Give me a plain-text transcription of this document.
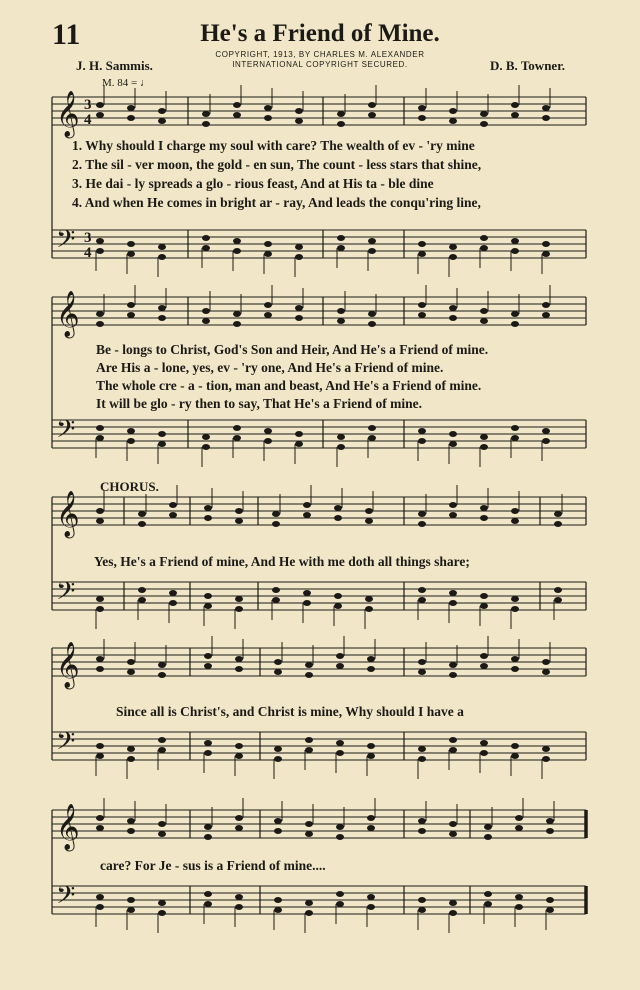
11	He's a Friend of Mine.
COPYRIGHT, 1913, BY CHARLES M. ALEXANDER
INTERNATIONAL COPYRIGHT SECURED.
J. H. Sammis.	D. B. Towner.
M. 84 = ♩
𝄞
𝄢
𝄞
𝄢
𝄞
𝄢
𝄞
𝄢
𝄞
𝄢
3
4
3
4
1. Why should I charge my soul with care? The wealth of ev - 'ry mine
2. The sil - ver moon, the gold - en sun, The count - less stars that shine,
3. He dai - ly spreads a glo - rious feast, And at His ta - ble dine
4. And when He comes in bright ar - ray, And leads the conqu'ring line,
Be - longs to Christ, God's Son and Heir, And He's a Friend of mine.
Are His a - lone, yes, ev - 'ry one, And He's a Friend of mine.
The whole cre - a - tion, man and beast, And He's a Friend of mine.
It will be glo - ry then to say, That He's a Friend of mine.
CHORUS.
Yes, He's a Friend of mine, And He with me doth all things share;
Since all is Christ's, and Christ is mine, Why should I have a
care? For Je - sus is a Friend of mine....
